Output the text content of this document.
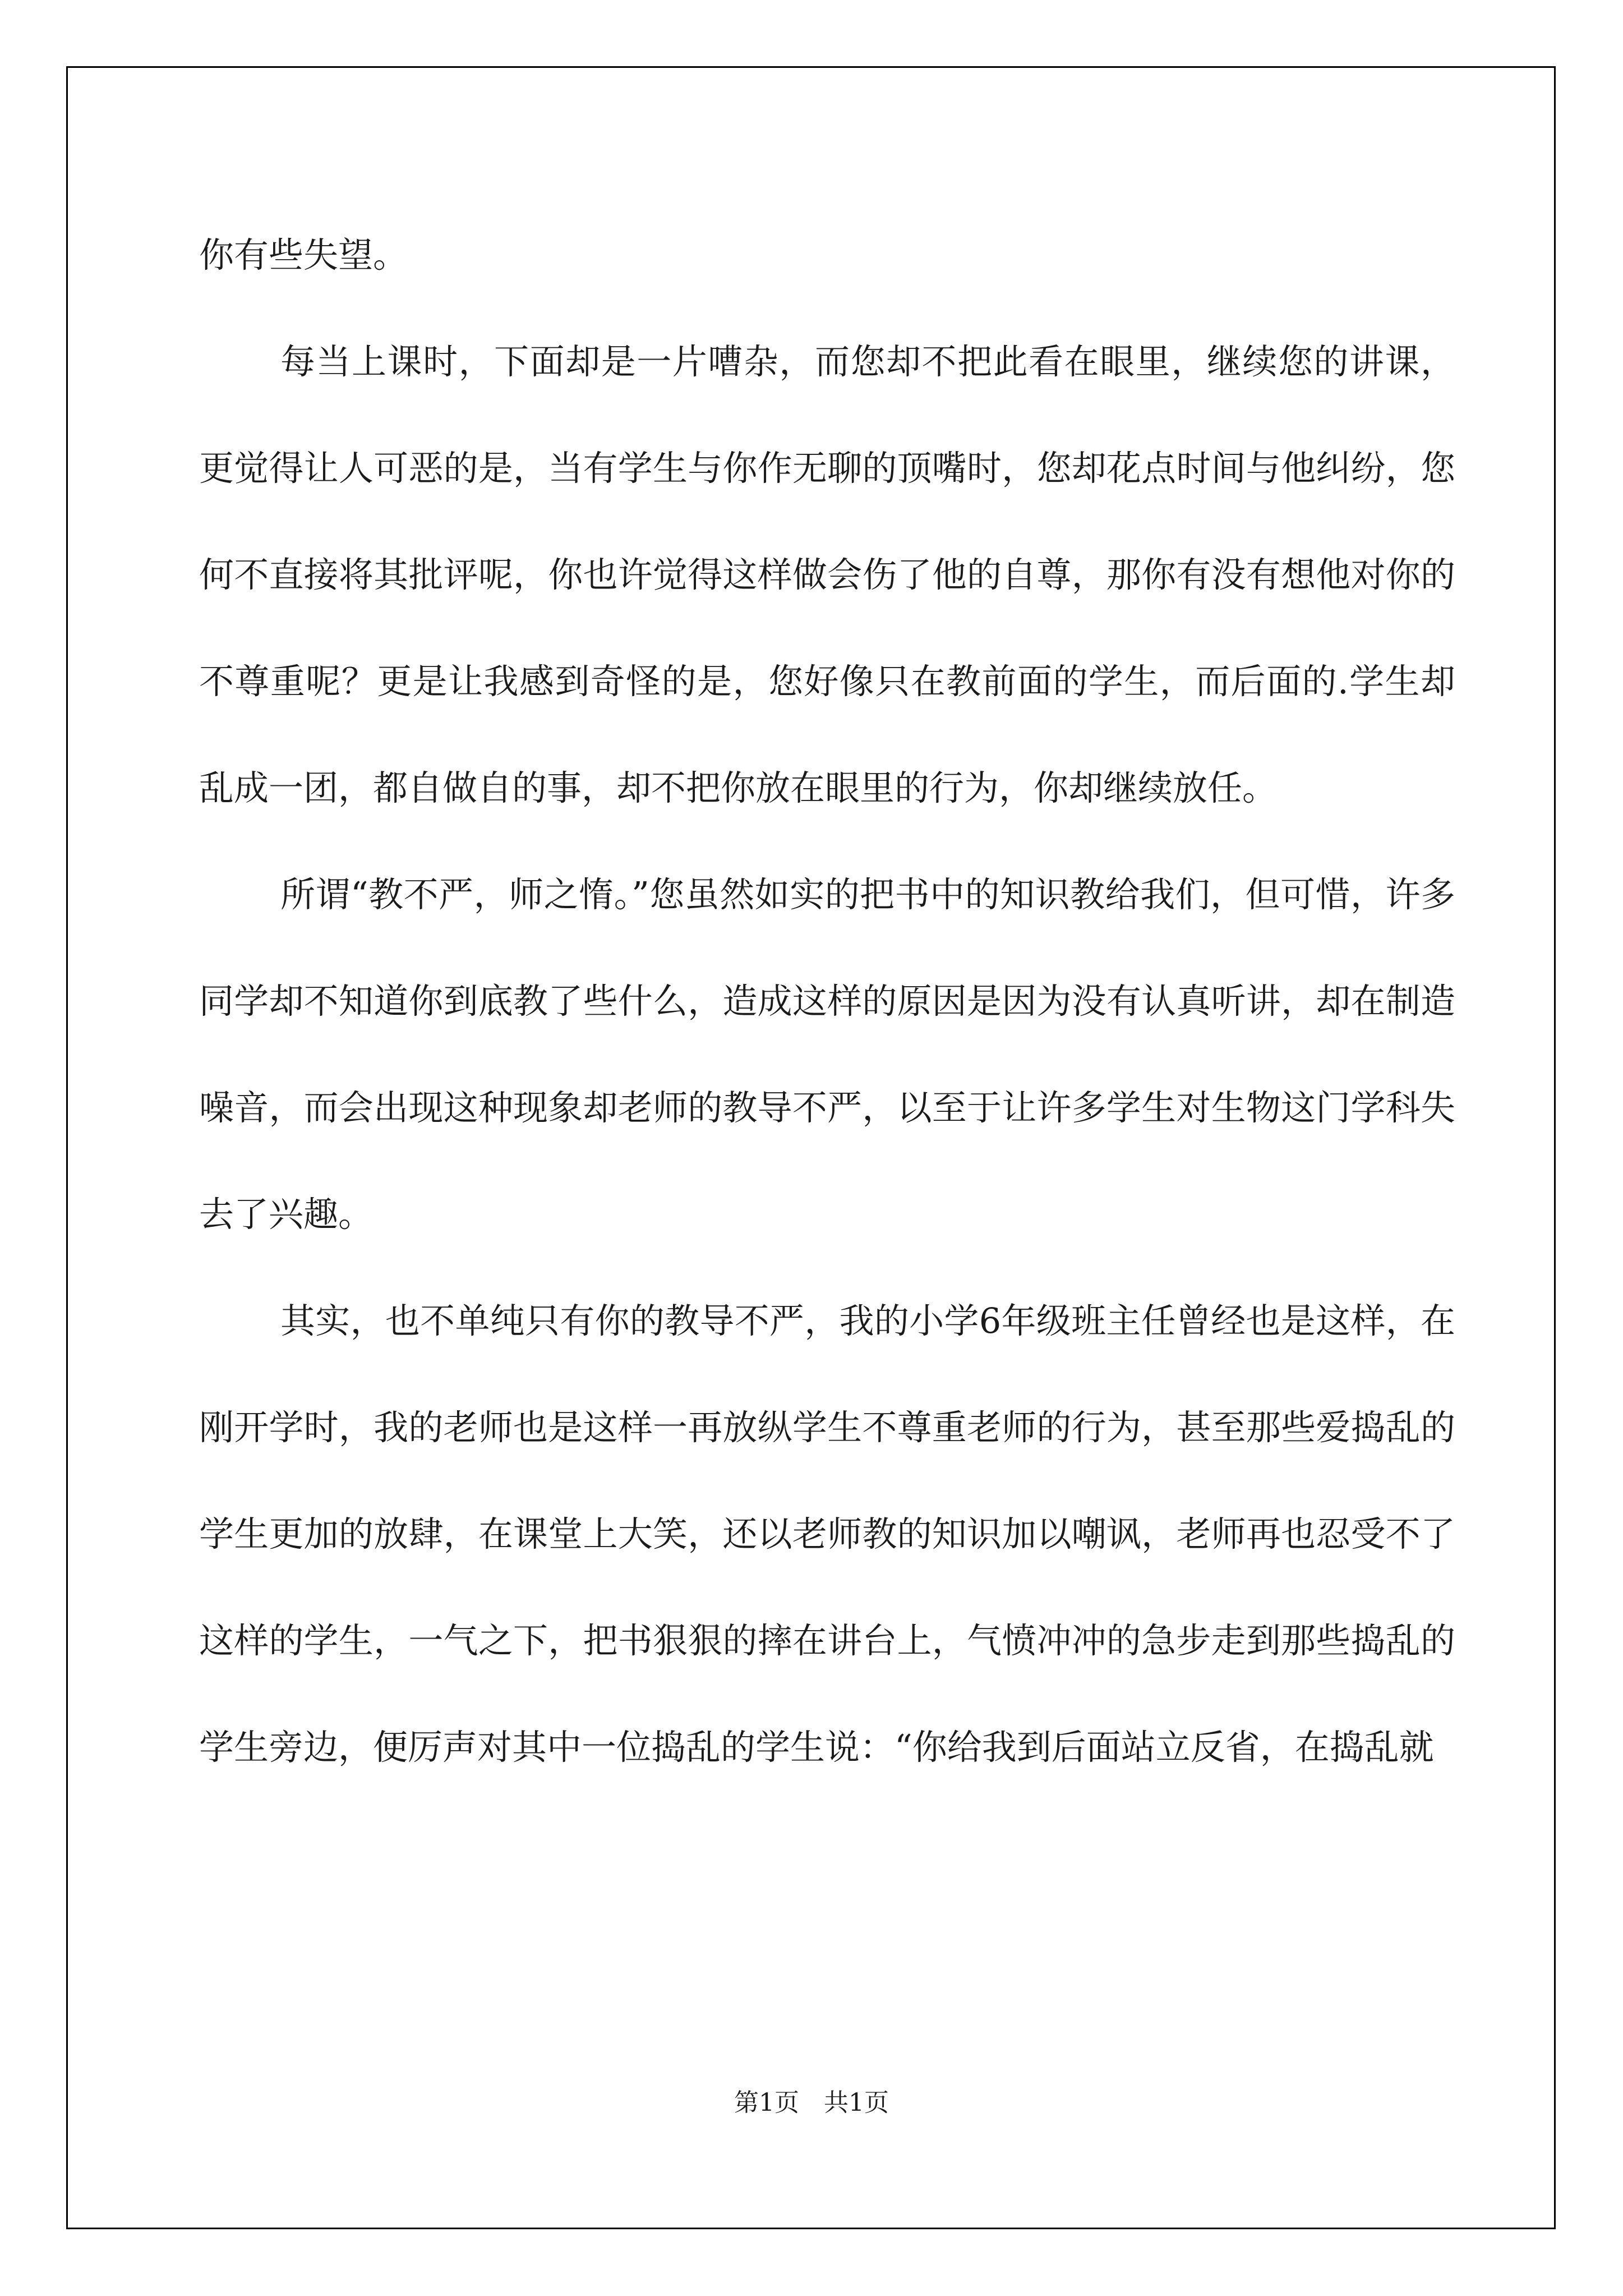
你有些失望。

每当上课时，下面却是一片嘈杂，而您却不把此看在眼里，继续您的讲课，更觉得让人可恶的是，当有学生与你作无聊的顶嘴时，您却花点时间与他纠纷，您何不直接将其批评呢，你也许觉得这样做会伤了他的自尊，那你有没有想他对你的不尊重呢？更是让我感到奇怪的是，您好像只在教前面的学生，而后面的.学生却乱成一团，都自做自的事，却不把你放在眼里的行为，你却继续放任。

所谓“教不严，师之惰。”您虽然如实的把书中的知识教给我们，但可惜，许多同学却不知道你到底教了些什么，造成这样的原因是因为没有认真听讲，却在制造噪音，而会出现这种现象却老师的教导不严，以至于让许多学生对生物这门学科失去了兴趣。

其实，也不单纯只有你的教导不严，我的小学6年级班主任曾经也是这样，在刚开学时，我的老师也是这样一再放纵学生不尊重老师的行为，甚至那些爱捣乱的学生更加的放肆，在课堂上大笑，还以老师教的知识加以嘲讽，老师再也忍受不了这样的学生，一气之下，把书狠狠的摔在讲台上，气愤冲冲的急步走到那些捣乱的学生旁边，便厉声对其中一位捣乱的学生说：“你给我到后面站立反省，在捣乱就

第1页　共1页
